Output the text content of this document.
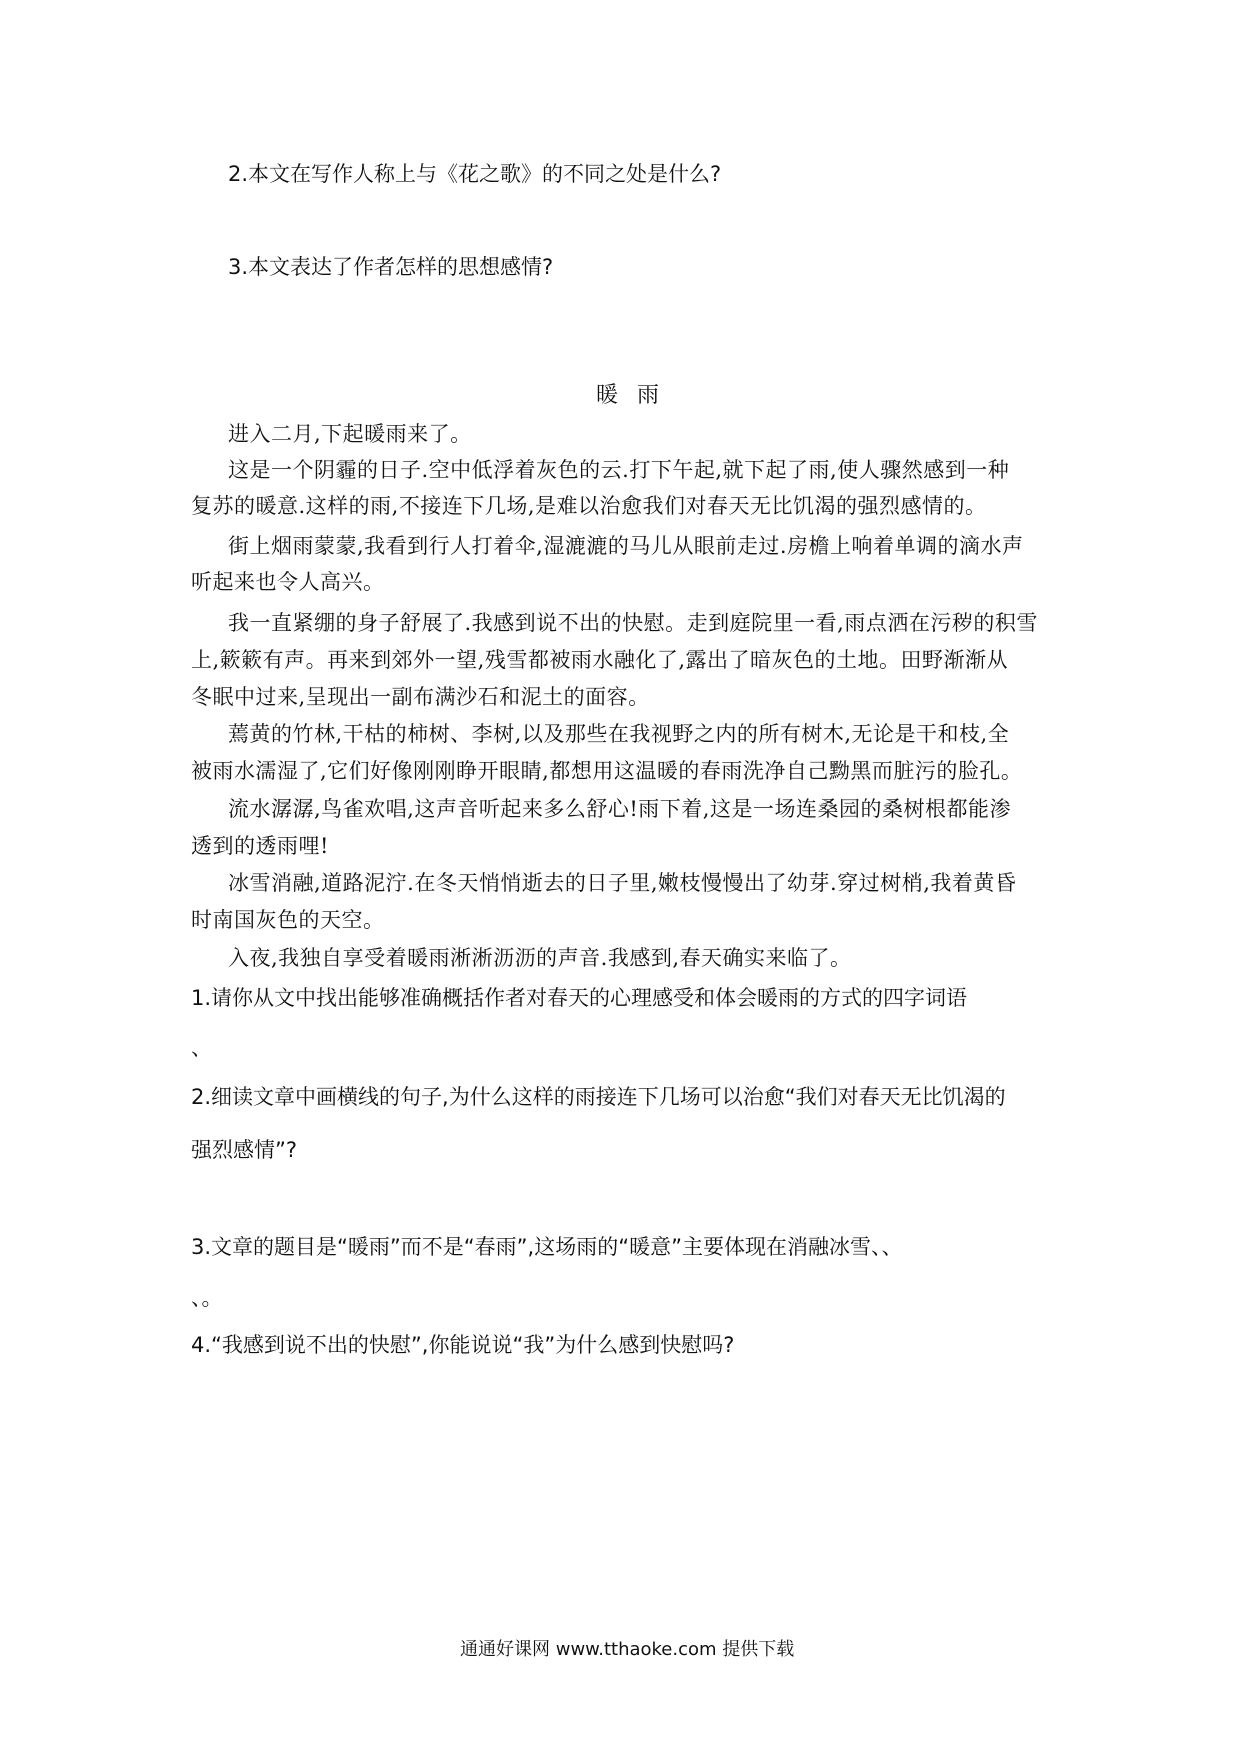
2.本文在写作人称上与《花之歌》的不同之处是什么?
3.本文表达了作者怎样的思想感情?
暖 雨
进入二月,下起暖雨来了。
这是一个阴霾的日子.空中低浮着灰色的云.打下午起,就下起了雨,使人骤然感到一种
复苏的暖意.这样的雨,不接连下几场,是难以治愈我们对春天无比饥渴的强烈感情的。
街上烟雨蒙蒙,我看到行人打着伞,湿漉漉的马儿从眼前走过.房檐上响着单调的滴水声
听起来也令人高兴。
我一直紧绷的身子舒展了.我感到说不出的快慰。走到庭院里一看,雨点洒在污秽的积雪
上,簌簌有声。再来到郊外一望,残雪都被雨水融化了,露出了暗灰色的土地。田野渐渐从
冬眠中过来,呈现出一副布满沙石和泥土的面容。
蔫黄的竹林,干枯的柿树、李树,以及那些在我视野之内的所有树木,无论是干和枝,全
被雨水濡湿了,它们好像刚刚睁开眼睛,都想用这温暖的春雨洗净自己黝黑而脏污的脸孔。
流水潺潺,鸟雀欢唱,这声音听起来多么舒心!雨下着,这是一场连桑园的桑树根都能渗
透到的透雨哩!
冰雪消融,道路泥泞.在冬天悄悄逝去的日子里,嫩枝慢慢出了幼芽.穿过树梢,我着黄昏
时南国灰色的天空。
入夜,我独自享受着暖雨淅淅沥沥的声音.我感到,春天确实来临了。
1.请你从文中找出能够准确概括作者对春天的心理感受和体会暖雨的方式的四字词语
、
2.细读文章中画横线的句子,为什么这样的雨接连下几场可以治愈“我们对春天无比饥渴的
强烈感情”?
3.文章的题目是“暖雨”而不是“春雨”,这场雨的“暖意”主要体现在消融冰雪、、
、。
4.“我感到说不出的快慰”,你能说说“我”为什么感到快慰吗?
通通好课网 www.tthaoke.com 提供下载
